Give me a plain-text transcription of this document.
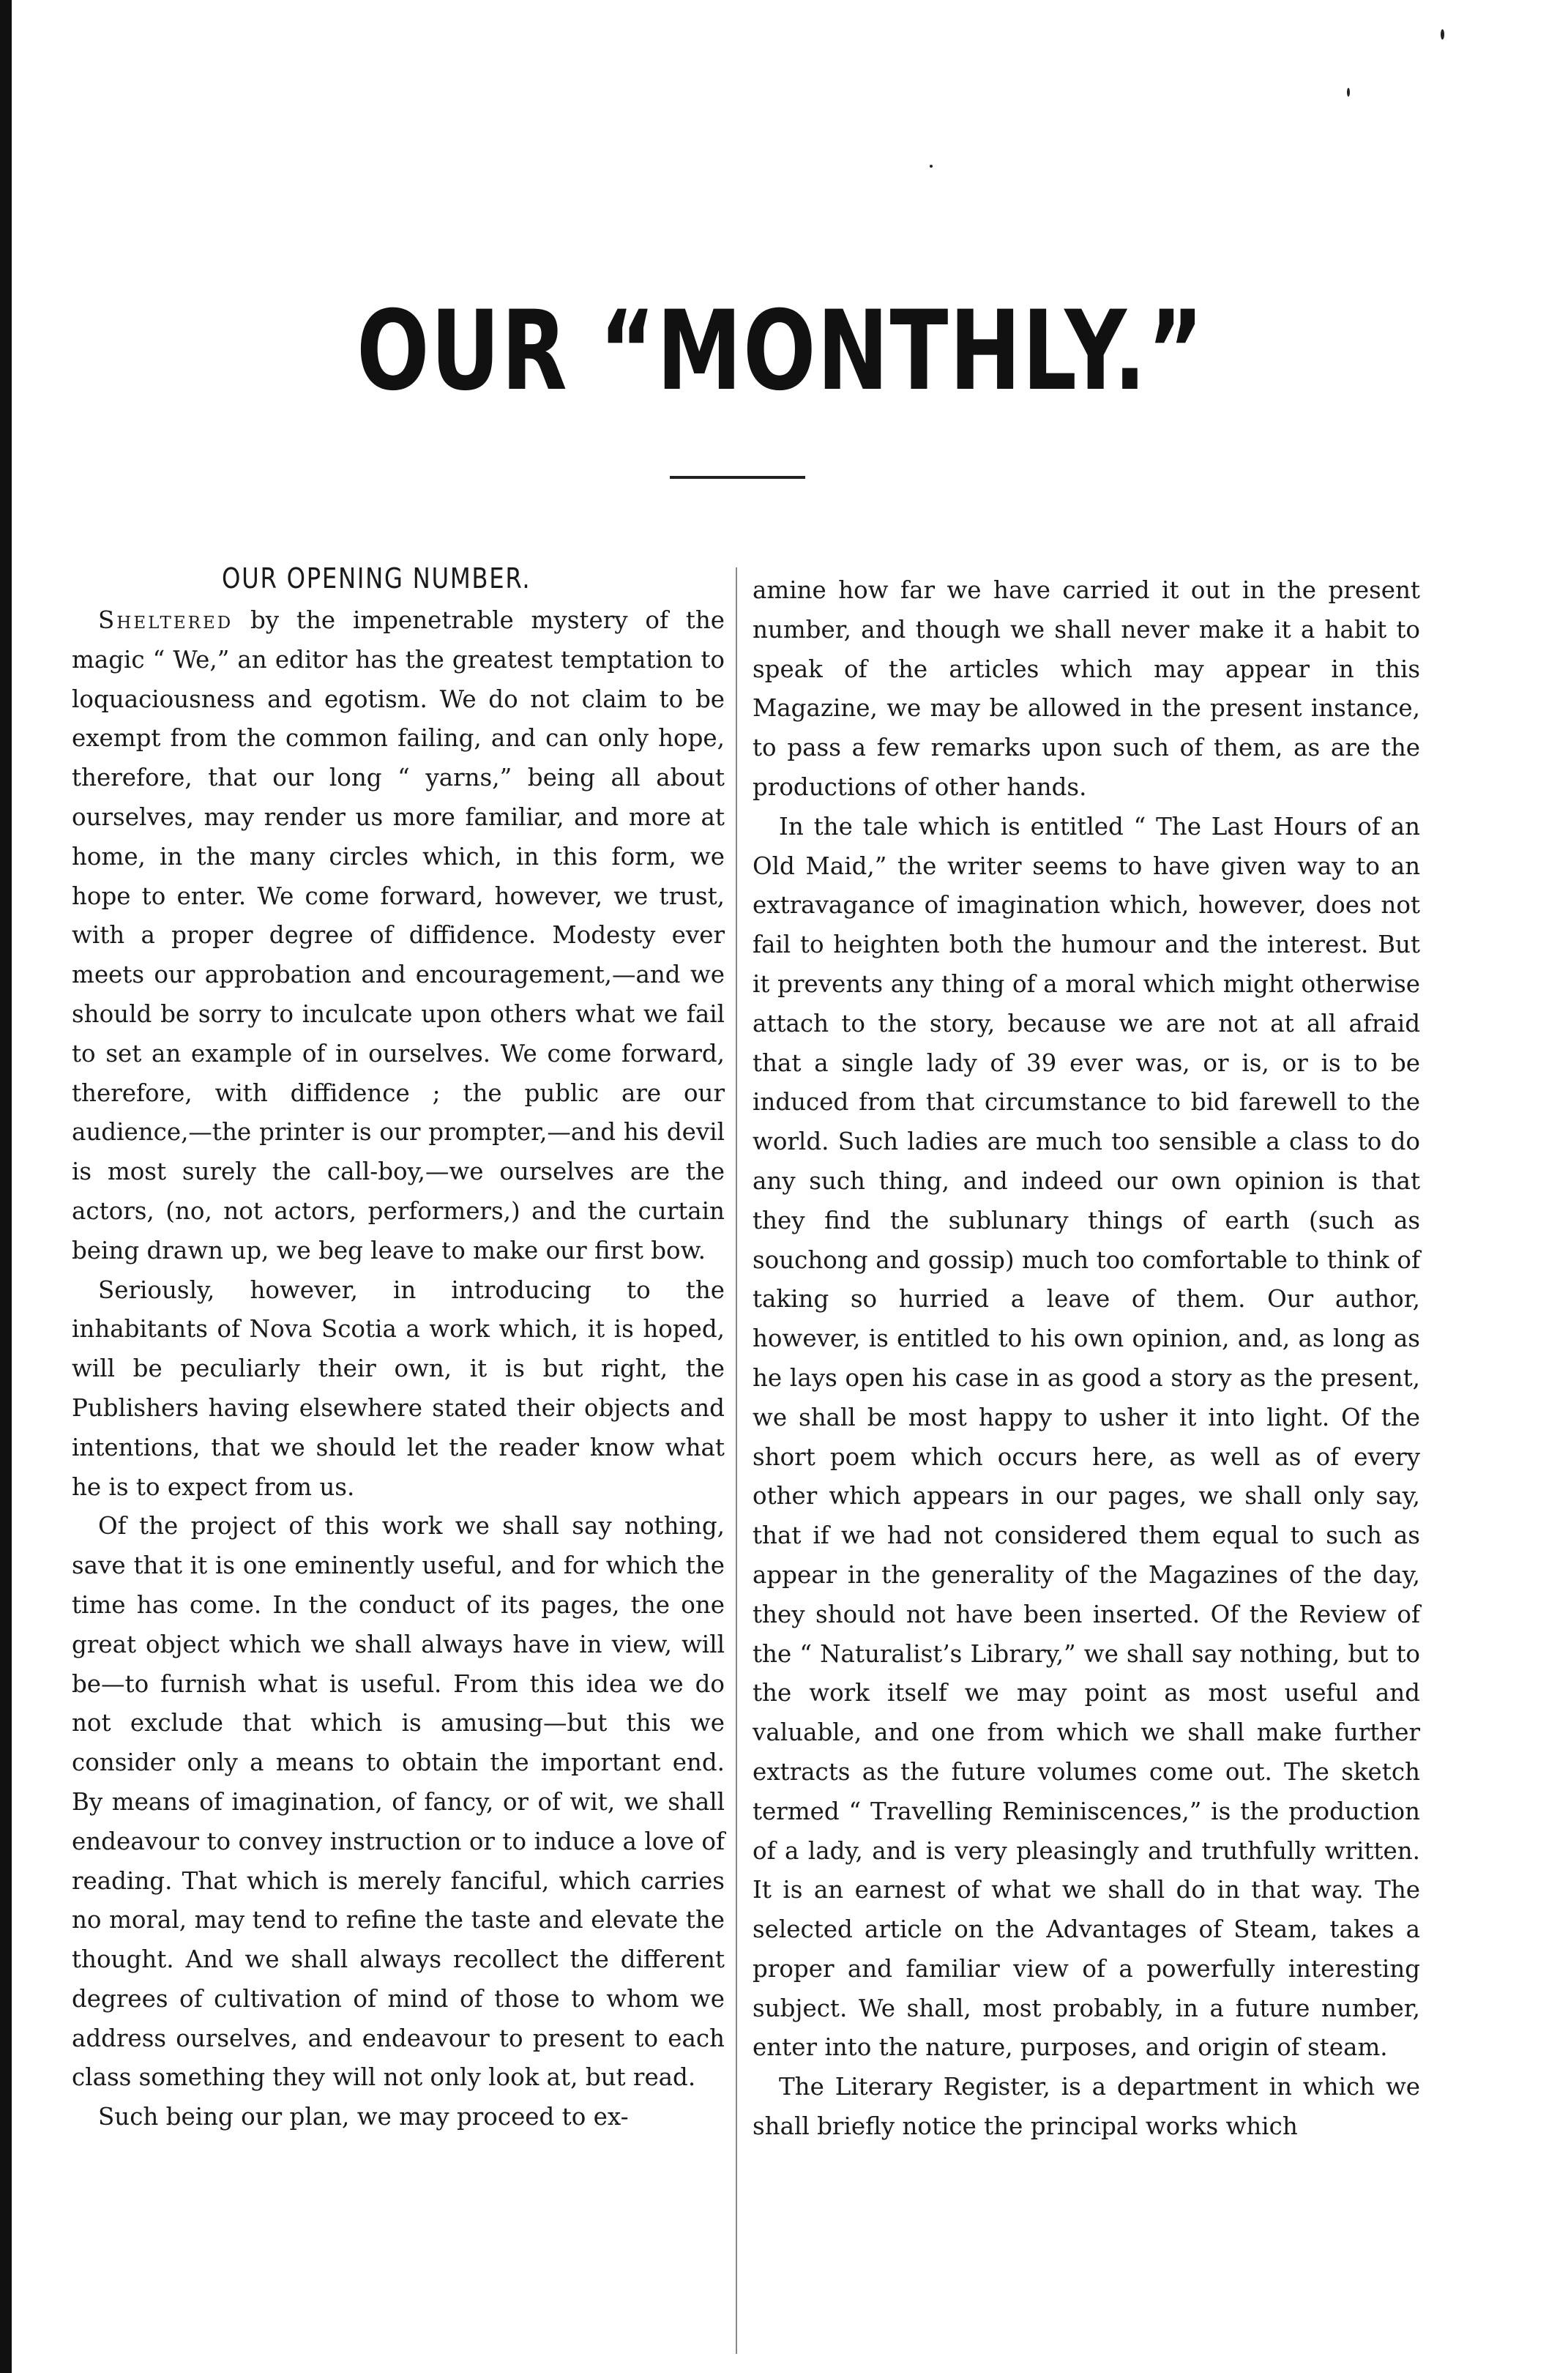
OUR “MONTHLY.”
OUR OPENING NUMBER.

Sheltered by the impenetrable mystery of the magic “ We,” an editor has the greatest temptation to loquaciousness and egotism. We do not claim to be exempt from the common failing, and can only hope, therefore, that our long “ yarns,” being all about ourselves, may render us more familiar, and more at home, in the many circles which, in this form, we hope to enter. We come forward, however, we trust, with a proper degree of diffidence. Modesty ever meets our approbation and encouragement,—and we should be sorry to inculcate upon others what we fail to set an example of in ourselves. We come forward, therefore, with diffidence ; the public are our audience,—the printer is our prompter,—and his devil is most surely the call-boy,—we ourselves are the actors, (no, not actors, performers,) and the curtain being drawn up, we beg leave to make our first bow.

Seriously, however, in introducing to the inhabitants of Nova Scotia a work which, it is hoped, will be peculiarly their own, it is but right, the Publishers having elsewhere stated their objects and intentions, that we should let the reader know what he is to expect from us.

Of the project of this work we shall say nothing, save that it is one eminently useful, and for which the time has come. In the conduct of its pages, the one great object which we shall always have in view, will be—to furnish what is useful. From this idea we do not exclude that which is amusing—but this we consider only a means to obtain the important end. By means of imagination, of fancy, or of wit, we shall endeavour to convey instruction or to induce a love of reading. That which is merely fanciful, which carries no moral, may tend to refine the taste and elevate the thought. And we shall always recollect the different degrees of cultivation of mind of those to whom we address ourselves, and endeavour to present to each class something they will not only look at, but read.

Such being our plan, we may proceed to ex-

amine how far we have carried it out in the present number, and though we shall never make it a habit to speak of the articles which may appear in this Magazine, we may be allowed in the present instance, to pass a few remarks upon such of them, as are the productions of other hands.

In the tale which is entitled “ The Last Hours of an Old Maid,” the writer seems to have given way to an extravagance of imagination which, however, does not fail to heighten both the humour and the interest. But it prevents any thing of a moral which might otherwise attach to the story, because we are not at all afraid that a single lady of 39 ever was, or is, or is to be induced from that circumstance to bid farewell to the world. Such ladies are much too sensible a class to do any such thing, and indeed our own opinion is that they find the sublunary things of earth (such as souchong and gossip) much too comfortable to think of taking so hurried a leave of them. Our author, however, is entitled to his own opinion, and, as long as he lays open his case in as good a story as the present, we shall be most happy to usher it into light. Of the short poem which occurs here, as well as of every other which appears in our pages, we shall only say, that if we had not considered them equal to such as appear in the generality of the Magazines of the day, they should not have been inserted. Of the Review of the “ Naturalist’s Library,” we shall say nothing, but to the work itself we may point as most useful and valuable, and one from which we shall make further extracts as the future volumes come out. The sketch termed “ Travelling Reminiscences,” is the production of a lady, and is very pleasingly and truthfully written. It is an earnest of what we shall do in that way. The selected article on the Advantages of Steam, takes a proper and familiar view of a powerfully interesting subject. We shall, most probably, in a future number, enter into the nature, purposes, and origin of steam.

The Literary Register, is a department in which we shall briefly notice the principal works which
